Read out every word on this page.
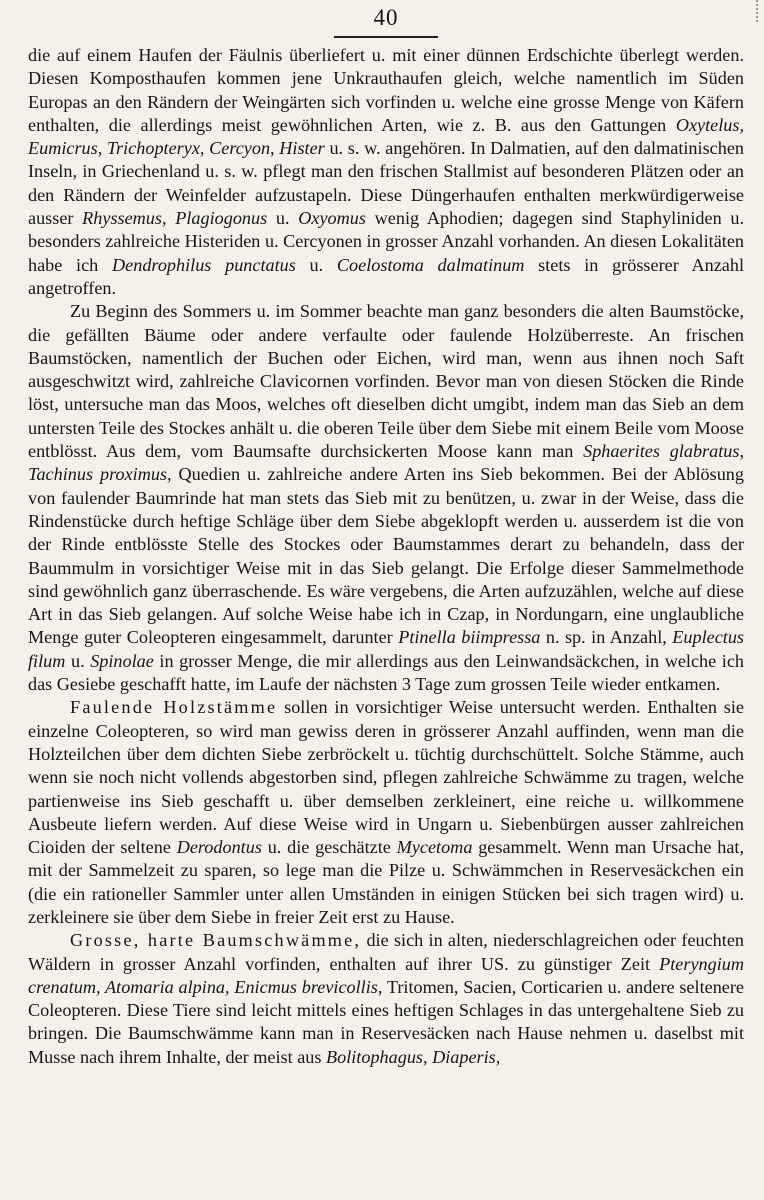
40

die auf einem Haufen der Fäulnis überliefert u. mit einer dünnen Erdschichte überlegt werden. Diesen Komposthaufen kommen jene Unkrauthaufen gleich, welche namentlich im Süden Europas an den Rändern der Weingärten sich vorfinden u. welche eine grosse Menge von Käfern enthalten, die allerdings meist gewöhnlichen Arten, wie z. B. aus den Gattungen Oxytelus, Eumicrus, Trichopteryx, Cercyon, Hister u. s. w. angehören. In Dalmatien, auf den dalmatinischen Inseln, in Griechenland u. s. w. pflegt man den frischen Stallmist auf besonderen Plätzen oder an den Rändern der Weinfelder aufzustapeln. Diese Düngerhaufen enthalten merkwürdigerweise ausser Rhyssemus, Plagiogonus u. Oxyomus wenig Aphodien; dagegen sind Staphyliniden u. besonders zahlreiche Histeriden u. Cercyonen in grosser Anzahl vorhanden. An diesen Lokalitäten habe ich Dendrophilus punctatus u. Coelostoma dalmatinum stets in grösserer Anzahl angetroffen.

Zu Beginn des Sommers u. im Sommer beachte man ganz besonders die alten Baumstöcke, die gefällten Bäume oder andere verfaulte oder faulende Holzüberreste. An frischen Baumstöcken, namentlich der Buchen oder Eichen, wird man, wenn aus ihnen noch Saft ausgeschwitzt wird, zahlreiche Clavicornen vorfinden. Bevor man von diesen Stöcken die Rinde löst, untersuche man das Moos, welches oft dieselben dicht umgibt, indem man das Sieb an dem untersten Teile des Stockes anhält u. die oberen Teile über dem Siebe mit einem Beile vom Moose entblösst. Aus dem, vom Baumsafte durchsickerten Moose kann man Sphaerites glabratus, Tachinus proximus, Quedien u. zahlreiche andere Arten ins Sieb bekommen. Bei der Ablösung von faulender Baumrinde hat man stets das Sieb mit zu benützen, u. zwar in der Weise, dass die Rindenstücke durch heftige Schläge über dem Siebe abgeklopft werden u. ausserdem ist die von der Rinde entblösste Stelle des Stockes oder Baumstammes derart zu behandeln, dass der Baummulm in vorsichtiger Weise mit in das Sieb gelangt. Die Erfolge dieser Sammelmethode sind gewöhnlich ganz überraschende. Es wäre vergebens, die Arten aufzuzählen, welche auf diese Art in das Sieb gelangen. Auf solche Weise habe ich in Czap, in Nordungarn, eine unglaubliche Menge guter Coleopteren eingesammelt, darunter Ptinella biimpressa n. sp. in Anzahl, Euplectus filum u. Spinolae in grosser Menge, die mir allerdings aus den Leinwandsäckchen, in welche ich das Gesiebe geschafft hatte, im Laufe der nächsten 3 Tage zum grossen Teile wieder entkamen.

Faulende Holzstämme sollen in vorsichtiger Weise untersucht werden. Enthalten sie einzelne Coleopteren, so wird man gewiss deren in grösserer Anzahl auffinden, wenn man die Holzteilchen über dem dichten Siebe zerbröckelt u. tüchtig durchschüttelt. Solche Stämme, auch wenn sie noch nicht vollends abgestorben sind, pflegen zahlreiche Schwämme zu tragen, welche partienweise ins Sieb geschafft u. über demselben zerkleinert, eine reiche u. willkommene Ausbeute liefern werden. Auf diese Weise wird in Ungarn u. Siebenbürgen ausser zahlreichen Cioiden der seltene Derodontus u. die geschätzte Mycetoma gesammelt. Wenn man Ursache hat, mit der Sammelzeit zu sparen, so lege man die Pilze u. Schwämmchen in Reservesäckchen ein (die ein rationeller Sammler unter allen Umständen in einigen Stücken bei sich tragen wird) u. zerkleinere sie über dem Siebe in freier Zeit erst zu Hause.

Grosse, harte Baumschwämme, die sich in alten, niederschlagreichen oder feuchten Wäldern in grosser Anzahl vorfinden, enthalten auf ihrer US. zu günstiger Zeit Pteryngium crenatum, Atomaria alpina, Enicmus brevicollis, Tritomen, Sacien, Corticarien u. andere seltenere Coleopteren. Diese Tiere sind leicht mittels eines heftigen Schlages in das untergehaltene Sieb zu bringen. Die Baumschwämme kann man in Reservesäcken nach Hause nehmen u. daselbst mit Musse nach ihrem Inhalte, der meist aus Bolitophagus, Diaperis,
